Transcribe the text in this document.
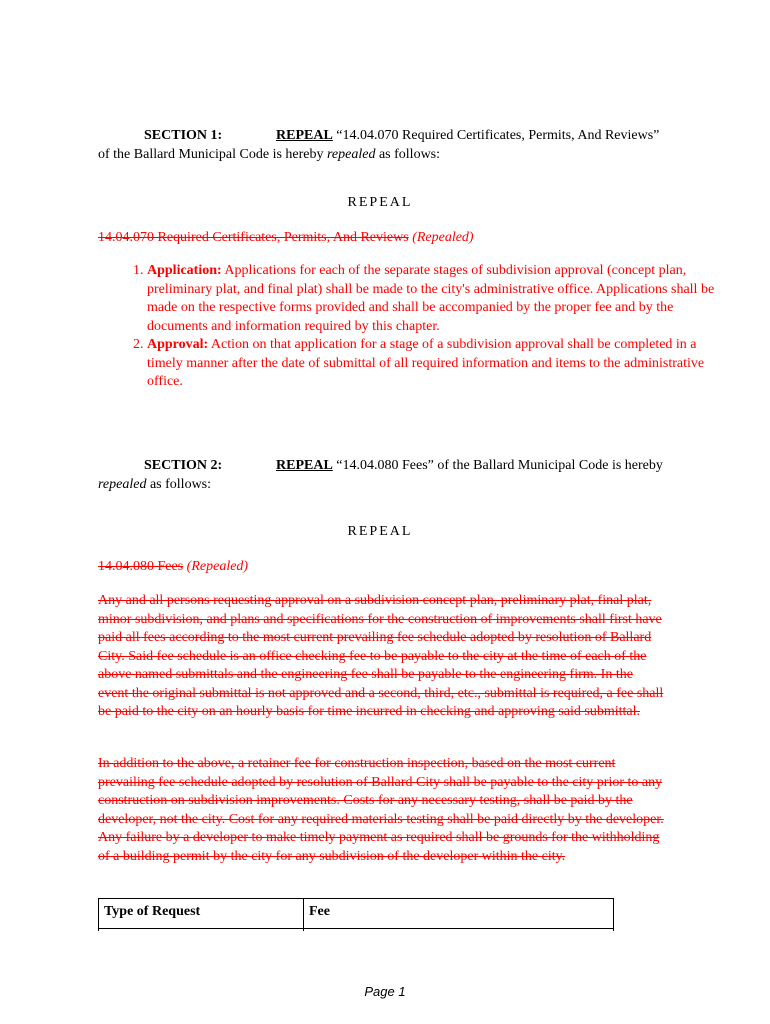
SECTION 1:	REPEAL “14.04.070 Required Certificates, Permits, And Reviews” of the Ballard Municipal Code is hereby repealed as follows:
REPEAL
14.04.070 Required Certificates, Permits, And Reviews (Repealed)
1. Application: Applications for each of the separate stages of subdivision approval (concept plan, preliminary plat, and final plat) shall be made to the city's administrative office. Applications shall be made on the respective forms provided and shall be accompanied by the proper fee and by the documents and information required by this chapter.
2. Approval: Action on that application for a stage of a subdivision approval shall be completed in a timely manner after the date of submittal of all required information and items to the administrative office.
SECTION 2:	REPEAL “14.04.080 Fees” of the Ballard Municipal Code is hereby repealed as follows:
REPEAL
14.04.080 Fees (Repealed)

Any and all persons requesting approval on a subdivision concept plan, preliminary plat, final plat, minor subdivision, and plans and specifications for the construction of improvements shall first have paid all fees according to the most current prevailing fee schedule adopted by resolution of Ballard City. Said fee schedule is an office checking fee to be payable to the city at the time of each of the above named submittals and the engineering fee shall be payable to the engineering firm. In the event the original submittal is not approved and a second, third, etc., submittal is required, a fee shall be paid to the city on an hourly basis for time incurred in checking and approving said submittal.

In addition to the above, a retainer fee for construction inspection, based on the most current prevailing fee schedule adopted by resolution of Ballard City shall be payable to the city prior to any construction on subdivision improvements. Costs for any necessary testing, shall be paid by the developer, not the city. Cost for any required materials testing shall be paid directly by the developer. Any failure by a developer to make timely payment as required shall be grounds for the withholding of a building permit by the city for any subdivision of the developer within the city.

Type of Request	Fee

Page 1
